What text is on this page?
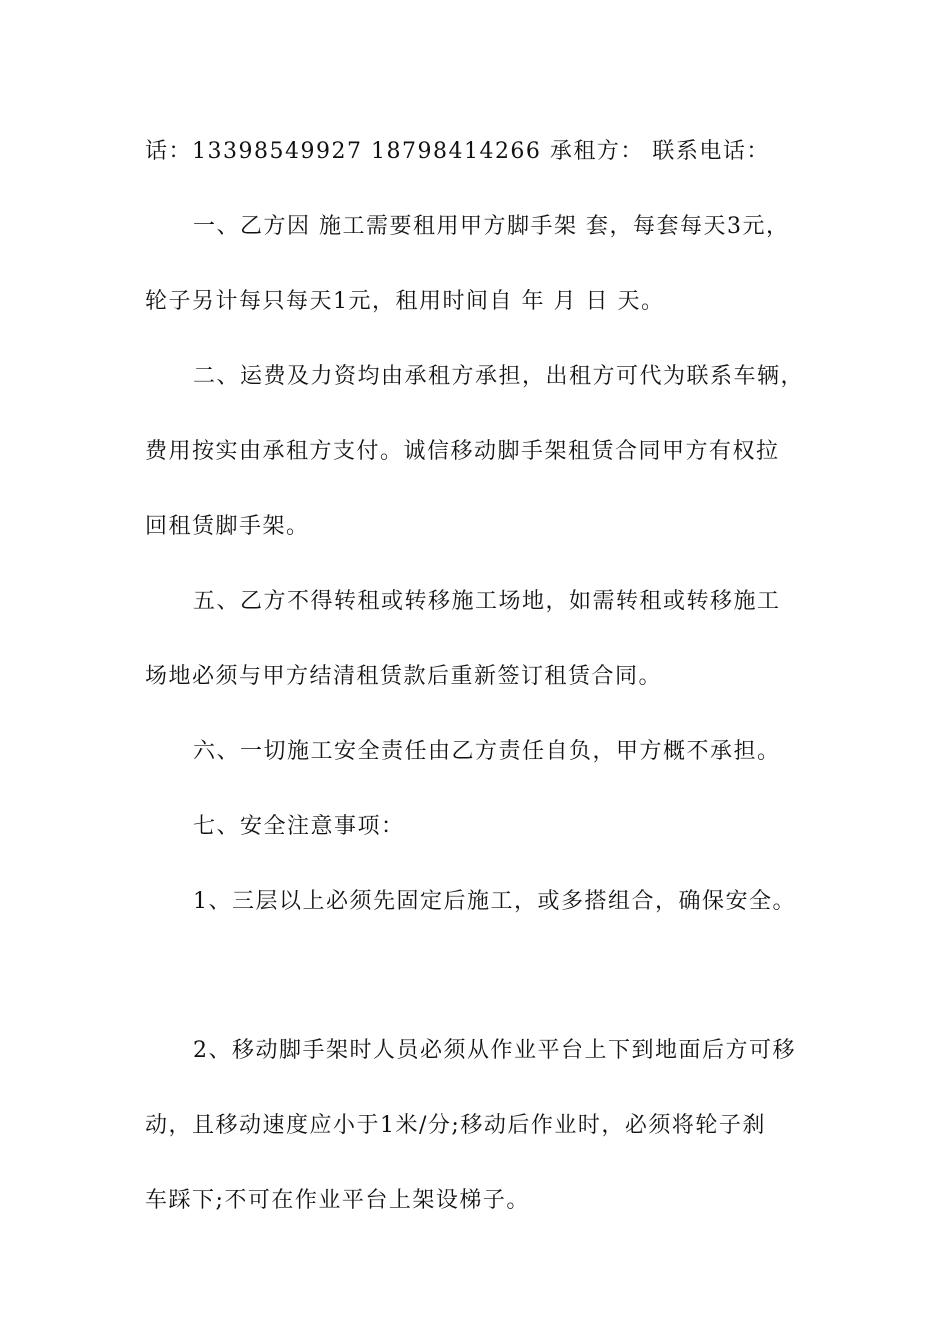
话：13398549927 18798414266 承租方： 联系电话：
一、乙方因 施工需要租用甲方脚手架 套，每套每天3元，
轮子另计每只每天1元，租用时间自 年 月 日 天。
二、运费及力资均由承租方承担，出租方可代为联系车辆，
费用按实由承租方支付。诚信移动脚手架租赁合同甲方有权拉
回租赁脚手架。
五、乙方不得转租或转移施工场地，如需转租或转移施工
场地必须与甲方结清租赁款后重新签订租赁合同。
六、一切施工安全责任由乙方责任自负，甲方概不承担。
七、安全注意事项：
1、三层以上必须先固定后施工，或多搭组合，确保安全。
2、移动脚手架时人员必须从作业平台上下到地面后方可移
动，且移动速度应小于1米/分;移动后作业时，必须将轮子刹
车踩下;不可在作业平台上架设梯子。
